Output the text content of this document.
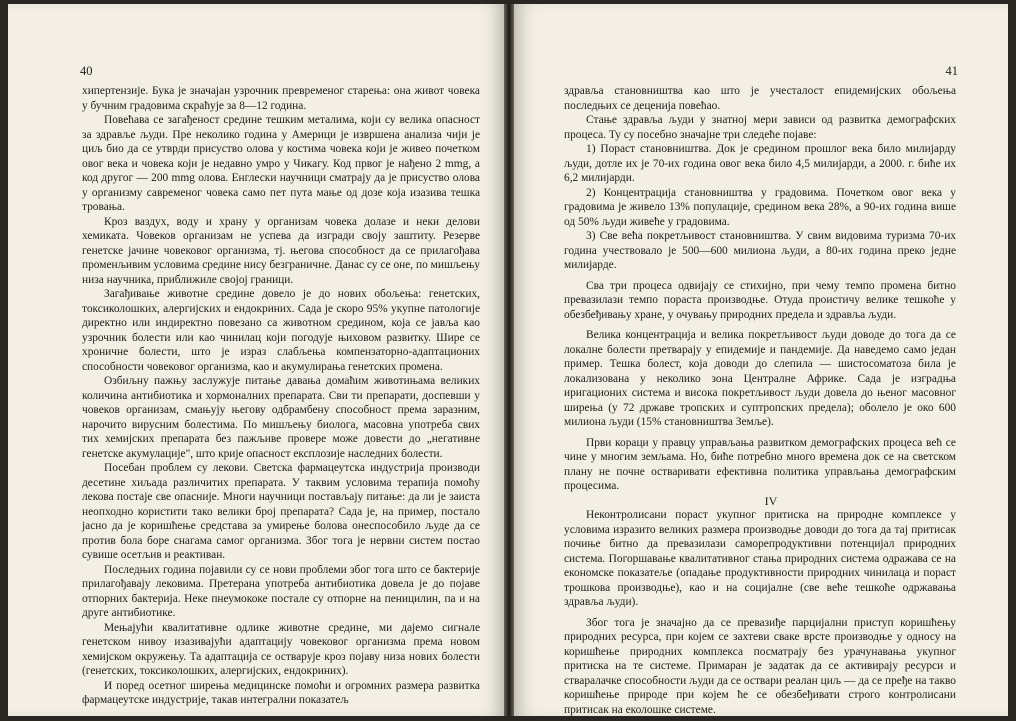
40

хипертензије. Бука је значајан узрочник превременог старења: она живот човека у бучним градовима скраћује за 8—12 година.

Повећава се загађеност средине тешким металима, који су велика опасност за здравље људи. Пре неколико година у Америци је извршена анализа чији је циљ био да се утврди присуство олова у костима човека који је живео почетком овог века и човека који је недавно умро у Чикагу. Код првог је нађено 2 mmg, а код другог — 200 mmg олова. Енглески научници сматрају да је присуство олова у организму савременог човека само пет пута мање од дозе која изазива тешка тровања.

Кроз ваздух, воду и храну у организам човека долазе и неки делови хемиката. Човеков организам не успева да изгради своју заштиту. Резерве генетске јачине човековог организма, тј. његова способност да се прилагођава променљивим условима средине нису безграничне. Данас су се оне, по мишљењу низа научника, приближиле својој граници.

Загађивање животне средине довело је до нових обољења: генетских, токсиколошких, алергијских и ендокриних. Сада је скоро 95% укупне патологије директно или индиректно повезано са животном средином, која се јавља као узрочник болести или као чинилац који погодује њиховом развитку. Шире се хроничне болести, што је израз слабљења компензаторно-адаптационих способности човековог организма, као и акумулирања генетских промена.

Озбиљну пажњу заслужује питање давања домаћим животињама великих количина антибиотика и хормоналних препарата. Сви ти препарати, доспевши у човеков организам, смањују његову одбрамбену способност према заразним, нарочито вирусним болестима. По мишљењу биолога, масовна употреба свих тих хемијских препарата без пажљиве провере може довести до „негативне генетске акумулације", што крије опасност експлозије наследних болести.

Посебан проблем су лекови. Светска фармацеутска индустрија производи десетине хиљада различитих препарата. У таквим условима терапија помоћу лекова постаје све опасније. Многи научници постављају питање: да ли је заиста неопходно користити тако велики број препарата? Сада је, на пример, постало јасно да је коришћење средстава за умирење болова онеспособило људе да се против бола боре снагама самог организма. Због тога је нервни систем постао сувише осетљив и реактиван.

Последњих година појавили су се нови проблеми због тога што се бактерије прилагођавају лековима. Претерана употреба антибиотика довела је до појаве отпорних бактерија. Неке пнеумококе постале су отпорне на пеницилин, па и на друге антибиотике.

Мењајући квалитативне одлике животне средине, ми дајемо сигнале генетском нивоу изазивајући адаптацију човековог организма према новом хемијском окружењу. Та адаптација се остварује кроз појаву низа нових болести (генетских, токсиколошких, алергијских, ендокриних).

И поред осетног ширења медицинске помоћи и огромних размера развитка фармацеутске индустрије, такав интегрални показатељ

41

здравља становништва као што је учесталост епидемијских обољења последњих се деценија повећао.

Стање здравља људи у знатној мери зависи од развитка демографских процеса. Ту су посебно значајне три следеће појаве:

1) Пораст становништва. Док је средином прошлог века било милијарду људи, дотле их је 70-их година овог века било 4,5 милијарди, а 2000. г. биће их 6,2 милијарди.

2) Концентрација становништва у градовима. Почетком овог века у градовима је живело 13% популације, средином века 28%, а 90-их година више од 50% људи живеће у градовима.

3) Све већа покретљивост становништва. У свим видовима туризма 70-их година учествовало је 500—600 милиона људи, а 80-их година преко једне милијарде.

Сва три процеса одвијају се стихијно, при чему темпо промена битно превазилази темпо пораста производње. Отуда проистичу велике тешкоће у обезбеђивању хране, у очувању природних предела и здравља људи.

Велика концентрација и велика покретљивост људи доводе до тога да се локалне болести претварају у епидемије и пандемије. Да наведемо само један пример. Тешка болест, која доводи до слепила — шистосоматоза била је локализована у неколико зона Централне Африке. Сада је изградња иригационих система и висока покретљивост људи довела до њеног масовног ширења (у 72 државе тропских и суптропских предела); оболело је око 600 милиона људи (15% становништва Земље).

Први кораци у правцу управљања развитком демографских процеса већ се чине у многим земљама. Но, биће потребно много времена док се на светском плану не почне остваривати ефективна политика управљања демографским процесима.

IV

Неконтролисани пораст укупног притиска на природне комплексе у условима изразито великих размера производње доводи до тога да тај притисак почиње битно да превазилази саморепродуктивни потенцијал природних система. Погоршавање квалитативног стања природних система одражава се на економске показатеље (опадање продуктивности природних чинилаца и пораст трошкова производње), као и на социјалне (све веће тешкоће одржавања здравља људи).

Због тога је значајно да се превазиђе парцијални приступ коришћењу природних ресурса, при којем се захтеви сваке врсте производње у односу на коришћење природних комплекса посматрају без урачунавања укупног притиска на те системе. Примаран је задатак да се активирају ресурси и стваралачке способности људи да се оствари реалан циљ — да се пређе на такво коришћење природе при којем ће се обезбеђивати строго контролисани притисак на еколошке системе.
